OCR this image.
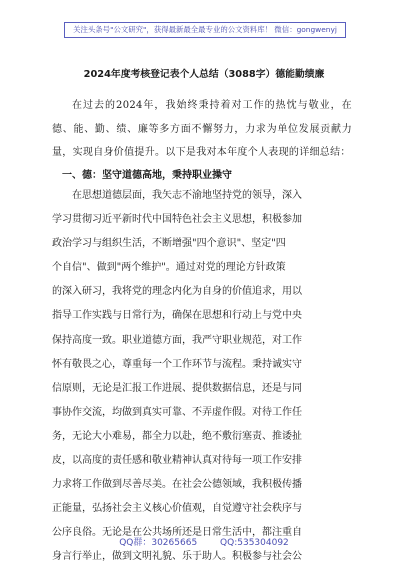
关注头条号"公文研究"，获得最新最全最专业的公文资料库！ 微信：gongwenyj
2024年度考核登记表个人总结（3088字）德能勤绩廉

在过去的2024年，我始终秉持着对工作的热忱与敬业，在德、能、勤、绩、廉等多方面不懈努力，力求为单位发展贡献力量，实现自身价值提升。以下是我对本年度个人表现的详细总结：

一、德：坚守道德高地，秉持职业操守
在思想道德层面，我矢志不渝地坚持党的领导，深入
学习贯彻习近平新时代中国特色社会主义思想，积极参加
政治学习与组织生活，不断增强"四个意识"、坚定"四
个自信"、做到"两个维护"。通过对党的理论方针政策
的深入研习，我将党的理念内化为自身的价值追求，用以
指导工作实践与日常行为，确保在思想和行动上与党中央
保持高度一致。职业道德方面，我严守职业规范，对工作
怀有敬畏之心，尊重每一个工作环节与流程。秉持诚实守
信原则，无论是汇报工作进展、提供数据信息，还是与同
事协作交流，均做到真实可靠、不弄虚作假。对待工作任
务，无论大小难易，都全力以赴，绝不敷衍塞责、推诿扯
皮，以高度的责任感和敬业精神认真对待每一项工作安排
力求将工作做到尽善尽美。在社会公德领域，我积极传播
正能量，弘扬社会主义核心价值观，自觉遵守社会秩序与
公序良俗。无论是在公共场所还是日常生活中，都注重自
身言行举止，做到文明礼貌、乐于助人。积极参与社会公
QQ群：30265665	QQ:535304092
